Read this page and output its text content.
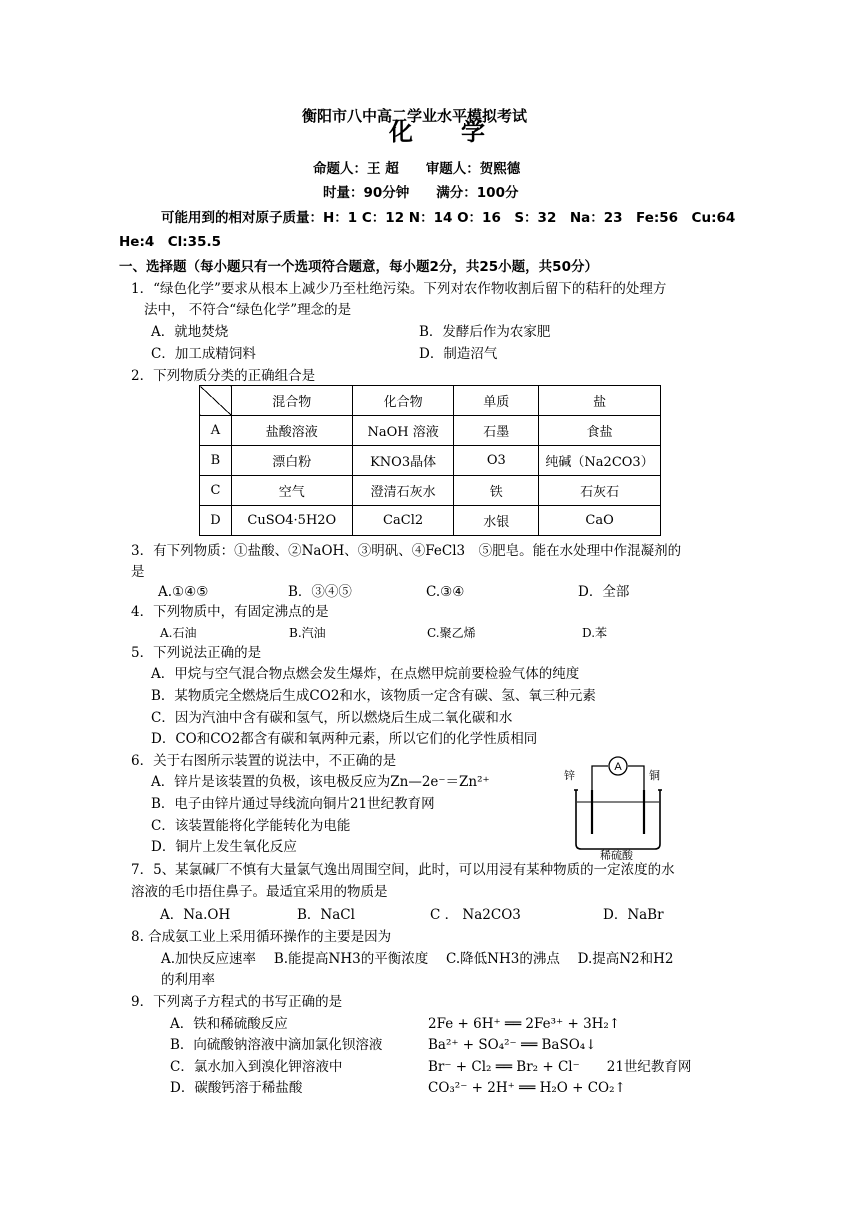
衡阳市八中高二学业水平模拟考试
化　　学
命题人：王 超　　审题人：贺熙德
时量：90分钟　　满分：100分
可能用到的相对原子质量：H：1 C：12 N：14 O：16　S：32　Na：23　Fe:56　Cu:64
He:4　Cl:35.5
一、选择题（每小题只有一个选项符合题意，每小题2分，共25小题，共50分）
1．“绿色化学”要求从根本上减少乃至杜绝污染。下列对农作物收割后留下的秸秆的处理方
法中， 不符合“绿色化学”理念的是
A．就地焚烧	B．发酵后作为农家肥
C．加工成精饲料	D．制造沼气
2．下列物质分类的正确组合是
	混合物	化合物	单质	盐
A	盐酸溶液	NaOH 溶液	石墨	食盐
B	漂白粉	KNO3晶体	O3	纯碱（Na2CO3）
C	空气	澄清石灰水	铁	石灰石
D	CuSO4·5H2O	CaCl2	水银	CaO
3．有下列物质：①盐酸、②NaOH、③明矾、④FeCl3　⑤肥皂。能在水处理中作混凝剂的
是
A.①④⑤	B．③④⑤	C.③④	D．全部
4．下列物质中，有固定沸点的是
A.石油	B.汽油	C.聚乙烯	D.苯
5．下列说法正确的是
A．甲烷与空气混合物点燃会发生爆炸，在点燃甲烷前要检验气体的纯度
B．某物质完全燃烧后生成CO2和水，该物质一定含有碳、氢、氧三种元素
C．因为汽油中含有碳和氢气，所以燃烧后生成二氧化碳和水
D．CO和CO2都含有碳和氧两种元素，所以它们的化学性质相同
6．关于右图所示装置的说法中，不正确的是
A．锌片是该装置的负极，该电极反应为Zn—2e⁻＝Zn²⁺
B．电子由锌片通过导线流向铜片21世纪教育网
C．该装置能将化学能转化为电能
D．铜片上发生氧化反应
A
锌	铜
稀硫酸
7．5、某氯碱厂不慎有大量氯气逸出周围空间，此时，可以用浸有某种物质的一定浓度的水
溶液的毛巾捂住鼻子。最适宜采用的物质是
A．Na.OH	B．NaCl	C ． Na2CO3	D．NaBr
8. 合成氨工业上采用循环操作的主要是因为
A.加快反应速率　 B.能提高NH3的平衡浓度　 C.降低NH3的沸点　 D.提高N2和H2
的利用率
9．下列离子方程式的书写正确的是
A．铁和稀硫酸反应	2Fe + 6H⁺ ══ 2Fe³⁺ + 3H₂↑
B．向硫酸钠溶液中滴加氯化钡溶液	Ba²⁺ + SO₄²⁻ ══ BaSO₄↓
C．氯水加入到溴化钾溶液中	Br⁻ + Cl₂ ══ Br₂ + Cl⁻　　21世纪教育网
D．碳酸钙溶于稀盐酸	CO₃²⁻ + 2H⁺ ══ H₂O + CO₂↑
